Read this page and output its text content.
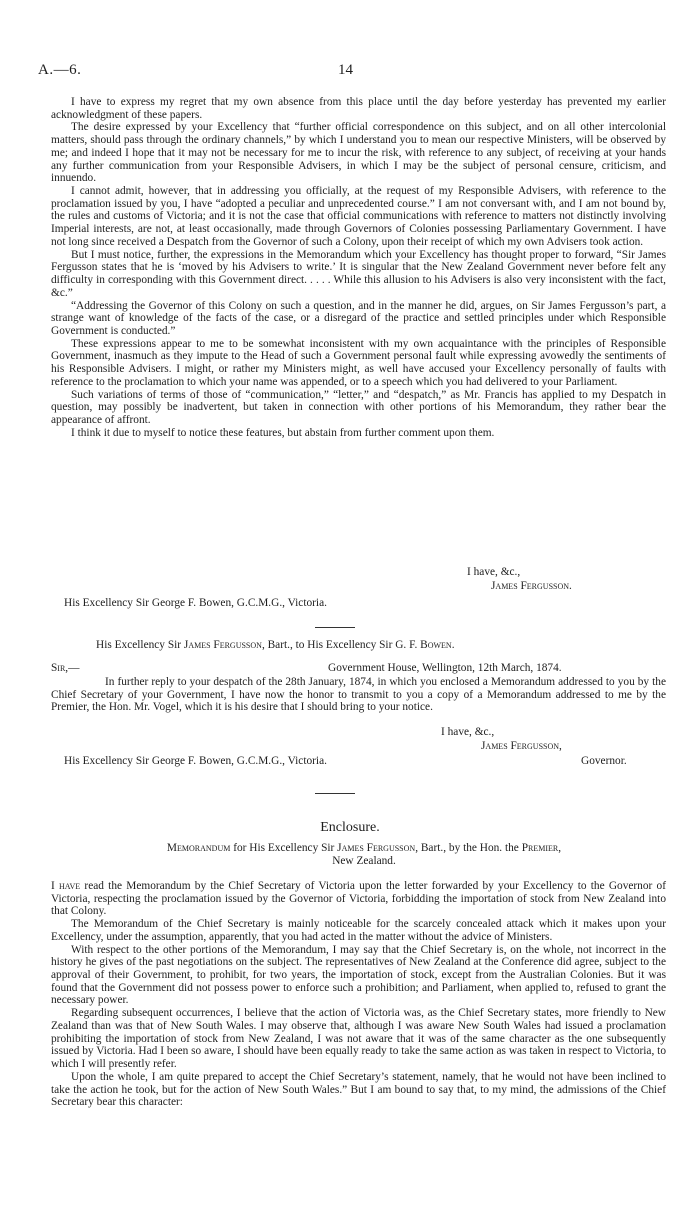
A.—6.	14

I have to express my regret that my own absence from this place until the day before yesterday has prevented my earlier acknowledgment of these papers.

The desire expressed by your Excellency that “further official correspondence on this subject, and on all other intercolonial matters, should pass through the ordinary channels,” by which I understand you to mean our respective Ministers, will be observed by me; and indeed I hope that it may not be necessary for me to incur the risk, with reference to any subject, of receiving at your hands any further communication from your Responsible Advisers, in which I may be the subject of personal censure, criticism, and innuendo.

I cannot admit, however, that in addressing you officially, at the request of my Responsible Advisers, with reference to the proclamation issued by you, I have “adopted a peculiar and unprecedented course.” I am not conversant with, and I am not bound by, the rules and customs of Victoria; and it is not the case that official communications with reference to matters not distinctly involving Imperial interests, are not, at least occasionally, made through Governors of Colonies possessing Parliamentary Government. I have not long since received a Despatch from the Governor of such a Colony, upon their receipt of which my own Advisers took action.

But I must notice, further, the expressions in the Memorandum which your Excellency has thought proper to forward, “Sir James Fergusson states that he is ‘moved by his Advisers to write.’ It is singular that the New Zealand Government never before felt any difficulty in corresponding with this Government direct. . . . . While this allusion to his Advisers is also very inconsistent with the fact, &c.”

“Addressing the Governor of this Colony on such a question, and in the manner he did, argues, on Sir James Fergusson’s part, a strange want of knowledge of the facts of the case, or a disregard of the practice and settled principles under which Responsible Government is conducted.”

These expressions appear to me to be somewhat inconsistent with my own acquaintance with the principles of Responsible Government, inasmuch as they impute to the Head of such a Government personal fault while expressing avowedly the sentiments of his Responsible Advisers. I might, or rather my Ministers might, as well have accused your Excellency personally of faults with reference to the proclamation to which your name was appended, or to a speech which you had delivered to your Parliament.

Such variations of terms of those of “communication,” “letter,” and “despatch,” as Mr. Francis has applied to my Despatch in question, may possibly be inadvertent, but taken in connection with other portions of his Memorandum, they rather bear the appearance of affront.

I think it due to myself to notice these features, but abstain from further comment upon them.

I have, &c.,
James Fergusson.
His Excellency Sir George F. Bowen, G.C.M.G., Victoria.
His Excellency Sir James Fergusson, Bart., to His Excellency Sir G. F. Bowen.
Sir,—	Government House, Wellington, 12th March, 1874.

In further reply to your despatch of the 28th January, 1874, in which you enclosed a Memorandum addressed to you by the Chief Secretary of your Government, I have now the honor to transmit to you a copy of a Memorandum addressed to me by the Premier, the Hon. Mr. Vogel, which it is his desire that I should bring to your notice.

I have, &c.,
James Fergusson,
His Excellency Sir George F. Bowen, G.C.M.G., Victoria.	Governor.
Enclosure.
Memorandum for His Excellency Sir James Fergusson, Bart., by the Hon. the Premier,
New Zealand.

I have read the Memorandum by the Chief Secretary of Victoria upon the letter forwarded by your Excellency to the Governor of Victoria, respecting the proclamation issued by the Governor of Victoria, forbidding the importation of stock from New Zealand into that Colony.

The Memorandum of the Chief Secretary is mainly noticeable for the scarcely concealed attack which it makes upon your Excellency, under the assumption, apparently, that you had acted in the matter without the advice of Ministers.

With respect to the other portions of the Memorandum, I may say that the Chief Secretary is, on the whole, not incorrect in the history he gives of the past negotiations on the subject. The representatives of New Zealand at the Conference did agree, subject to the approval of their Government, to prohibit, for two years, the importation of stock, except from the Australian Colonies. But it was found that the Government did not possess power to enforce such a prohibition; and Parliament, when applied to, refused to grant the necessary power.

Regarding subsequent occurrences, I believe that the action of Victoria was, as the Chief Secretary states, more friendly to New Zealand than was that of New South Wales. I may observe that, although I was aware New South Wales had issued a proclamation prohibiting the importation of stock from New Zealand, I was not aware that it was of the same character as the one subsequently issued by Victoria. Had I been so aware, I should have been equally ready to take the same action as was taken in respect to Victoria, to which I will presently refer.

Upon the whole, I am quite prepared to accept the Chief Secretary’s statement, namely, that he would not have been inclined to take the action he took, but for the action of New South Wales.” But I am bound to say that, to my mind, the admissions of the Chief Secretary bear this character:
